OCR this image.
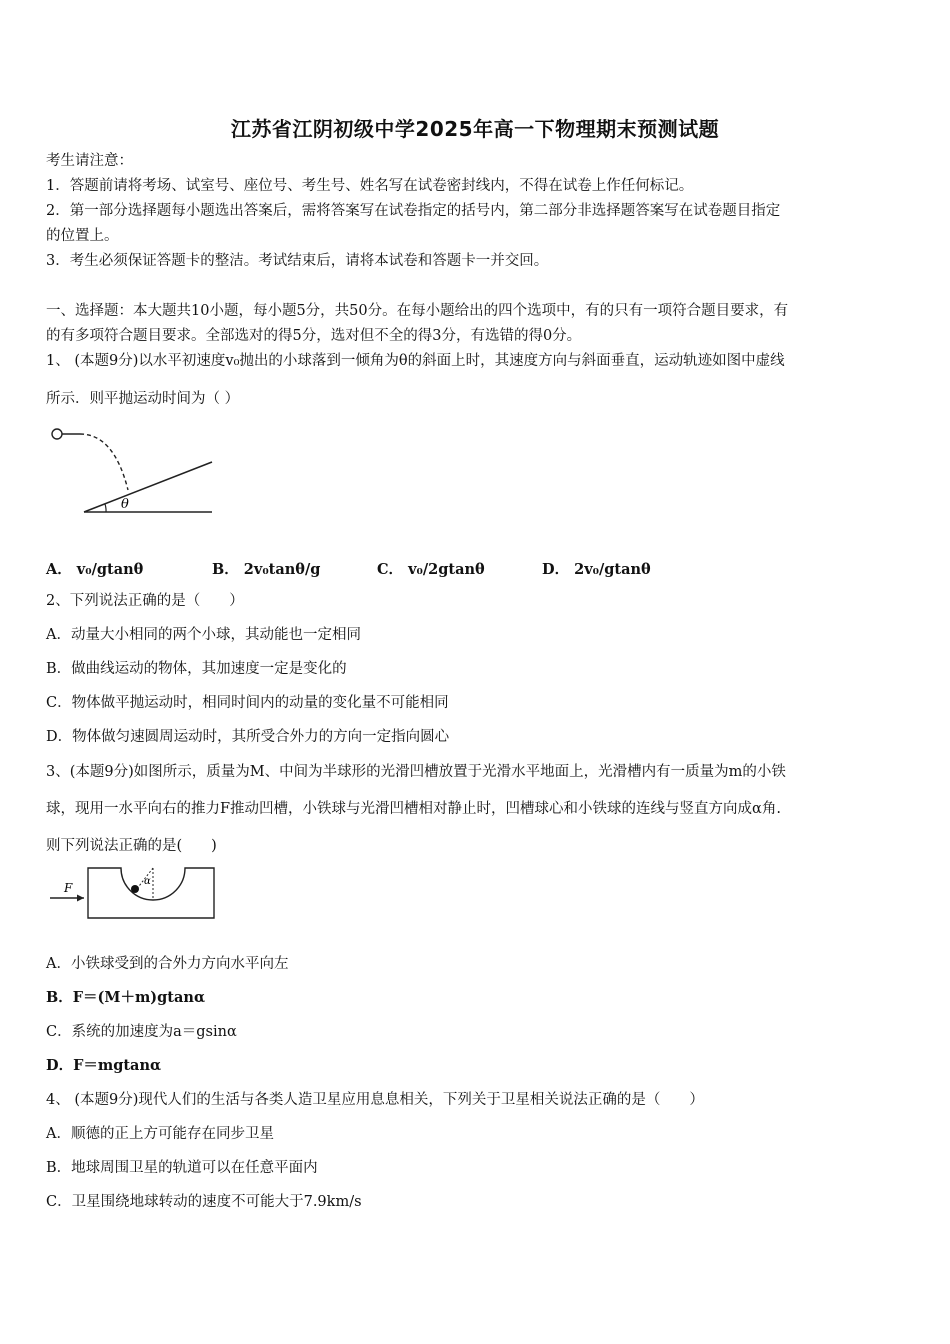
江苏省江阴初级中学2025年高一下物理期末预测试题
考生请注意：
1．答题前请将考场、试室号、座位号、考生号、姓名写在试卷密封线内，不得在试卷上作任何标记。
2．第一部分选择题每小题选出答案后，需将答案写在试卷指定的括号内，第二部分非选择题答案写在试卷题目指定
的位置上。
3．考生必须保证答题卡的整洁。考试结束后，请将本试卷和答题卡一并交回。
一、选择题：本大题共10小题，每小题5分，共50分。在每小题给出的四个选项中，有的只有一项符合题目要求，有
的有多项符合题目要求。全部选对的得5分，选对但不全的得3分，有选错的得0分。
1、 (本题9分)以水平初速度v₀抛出的小球落到一倾角为θ的斜面上时，其速度方向与斜面垂直，运动轨迹如图中虚线
所示．则平抛运动时间为（ ）
θ
A． v₀/gtanθ	B． 2v₀tanθ/g	C． v₀/2gtanθ	D． 2v₀/gtanθ
2、下列说法正确的是（　　）
A．动量大小相同的两个小球，其动能也一定相同
B．做曲线运动的物体，其加速度一定是变化的
C．物体做平抛运动时，相同时间内的动量的变化量不可能相同
D．物体做匀速圆周运动时，其所受合外力的方向一定指向圆心
3、(本题9分)如图所示，质量为M、中间为半球形的光滑凹槽放置于光滑水平地面上，光滑槽内有一质量为m的小铁
球，现用一水平向右的推力F推动凹槽，小铁球与光滑凹槽相对静止时，凹槽球心和小铁球的连线与竖直方向成α角.
则下列说法正确的是(　　)
F	α
A．小铁球受到的合外力方向水平向左
B．F＝(M＋m)gtanα
C．系统的加速度为a＝gsinα
D．F＝mgtanα
4、 (本题9分)现代人们的生活与各类人造卫星应用息息相关，下列关于卫星相关说法正确的是（　　）
A．顺德的正上方可能存在同步卫星
B．地球周围卫星的轨道可以在任意平面内
C．卫星围绕地球转动的速度不可能大于7.9km/s
